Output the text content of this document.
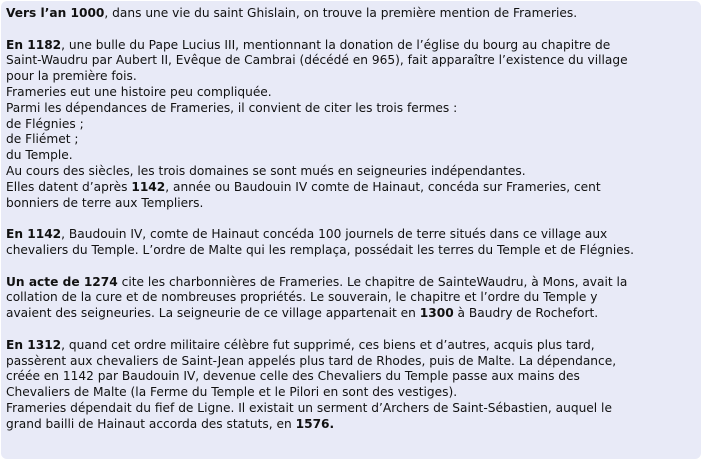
Vers l’an 1000, dans une vie du saint Ghislain, on trouve la première mention de Frameries.
En 1182, une bulle du Pape Lucius III, mentionnant la donation de l’église du bourg au chapitre de
Saint-Waudru par Aubert II, Evêque de Cambrai (décédé en 965), fait apparaître l’existence du village
pour la première fois.
Frameries eut une histoire peu compliquée.
Parmi les dépendances de Frameries, il convient de citer les trois fermes :
de Flégnies ;
de Fliémet ;
du Temple.
Au cours des siècles, les trois domaines se sont mués en seigneuries indépendantes.
Elles datent d’après 1142, année ou Baudouin IV comte de Hainaut, concéda sur Frameries, cent
bonniers de terre aux Templiers.
En 1142, Baudouin IV, comte de Hainaut concéda 100 journels de terre situés dans ce village aux
chevaliers du Temple. L’ordre de Malte qui les remplaça, possédait les terres du Temple et de Flégnies.
Un acte de 1274 cite les charbonnières de Frameries. Le chapitre de SainteWaudru, à Mons, avait la
collation de la cure et de nombreuses propriétés. Le souverain, le chapitre et l’ordre du Temple y
avaient des seigneuries. La seigneurie de ce village appartenait en 1300 à Baudry de Rochefort.
En 1312, quand cet ordre militaire célèbre fut supprimé, ces biens et d’autres, acquis plus tard,
passèrent aux chevaliers de Saint-Jean appelés plus tard de Rhodes, puis de Malte. La dépendance,
créée en 1142 par Baudouin IV, devenue celle des Chevaliers du Temple passe aux mains des
Chevaliers de Malte (la Ferme du Temple et le Pilori en sont des vestiges).
Frameries dépendait du fief de Ligne. Il existait un serment d’Archers de Saint-Sébastien, auquel le
grand bailli de Hainaut accorda des statuts, en 1576.
